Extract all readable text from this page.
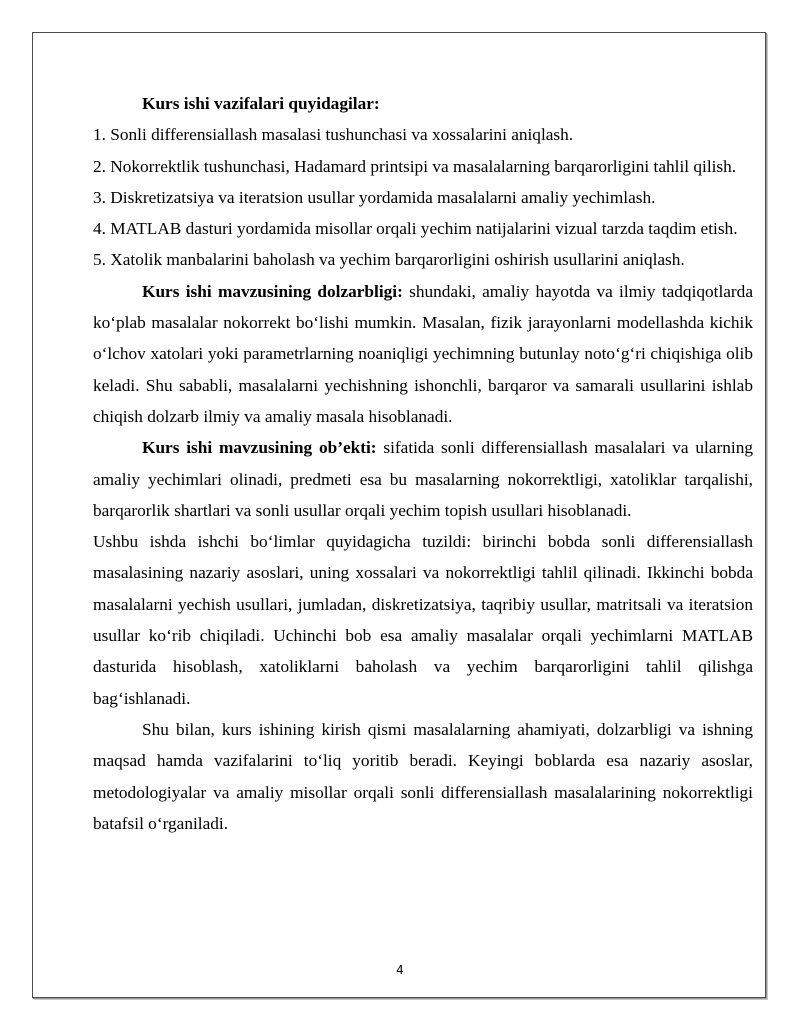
Kurs ishi vazifalari quyidagilar:

1. Sonli differensiallash masalasi tushunchasi va xossalarini aniqlash.

2. Nokorrektlik tushunchasi, Hadamard printsipi va masalalarning barqarorligini tahlil qilish.

3. Diskretizatsiya va iteratsion usullar yordamida masalalarni amaliy yechimlash.

4. MATLAB dasturi yordamida misollar orqali yechim natijalarini vizual tarzda taqdim etish.

5. Xatolik manbalarini baholash va yechim barqarorligini oshirish usullarini aniqlash.

Kurs ishi mavzusining dolzarbligi: shundaki, amaliy hayotda va ilmiy tadqiqotlarda ko‘plab masalalar nokorrekt bo‘lishi mumkin. Masalan, fizik jarayonlarni modellashda kichik o‘lchov xatolari yoki parametrlarning noaniqligi yechimning butunlay noto‘g‘ri chiqishiga olib keladi. Shu sababli, masalalarni yechishning ishonchli, barqaror va samarali usullarini ishlab chiqish dolzarb ilmiy va amaliy masala hisoblanadi.

Kurs ishi mavzusining ob’ekti: sifatida sonli differensiallash masalalari va ularning amaliy yechimlari olinadi, predmeti esa bu masalarning nokorrektligi, xatoliklar tarqalishi, barqarorlik shartlari va sonli usullar orqali yechim topish usullari hisoblanadi.

Ushbu ishda ishchi bo‘limlar quyidagicha tuzildi: birinchi bobda sonli differensiallash masalasining nazariy asoslari, uning xossalari va nokorrektligi tahlil qilinadi. Ikkinchi bobda masalalarni yechish usullari, jumladan, diskretizatsiya, taqribiy usullar, matritsali va iteratsion usullar ko‘rib chiqiladi. Uchinchi bob esa amaliy masalalar orqali yechimlarni MATLAB dasturida hisoblash, xatoliklarni baholash va yechim barqarorligini tahlil qilishga bag‘ishlanadi.

Shu bilan, kurs ishining kirish qismi masalalarning ahamiyati, dolzarbligi va ishning maqsad hamda vazifalarini to‘liq yoritib beradi. Keyingi boblarda esa nazariy asoslar, metodologiyalar va amaliy misollar orqali sonli differensiallash masalalarining nokorrektligi batafsil o‘rganiladi.

4
